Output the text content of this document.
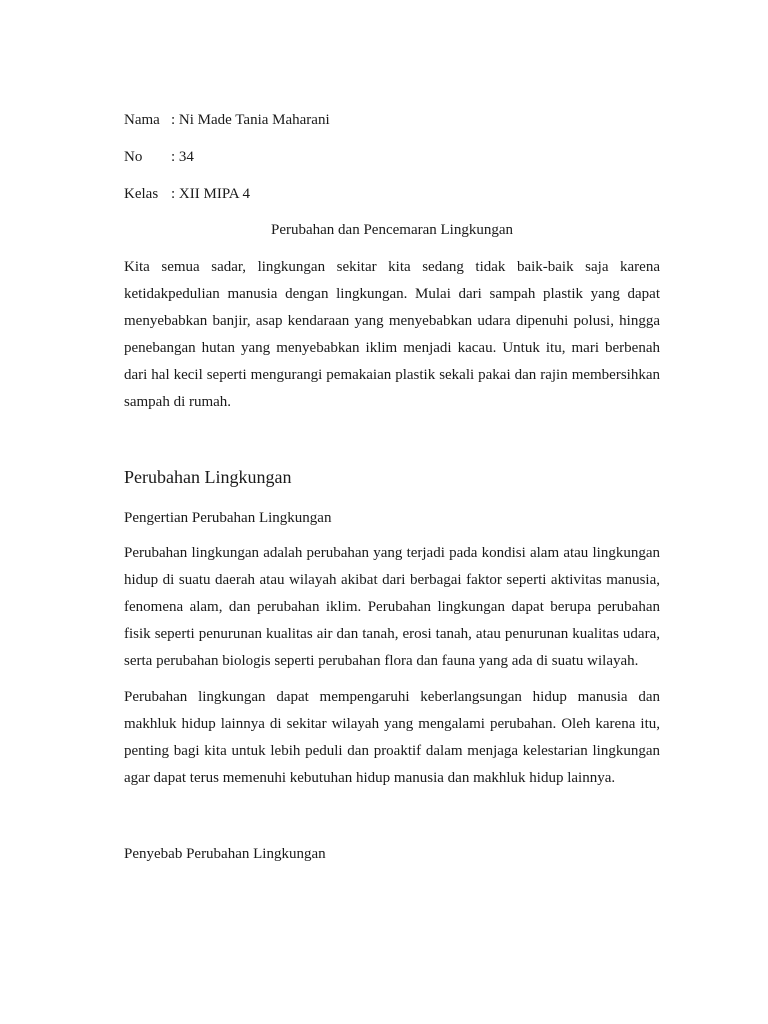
Nama : Ni Made Tania Maharani
No : 34
Kelas : XII MIPA 4
Perubahan dan Pencemaran Lingkungan

Kita semua sadar, lingkungan sekitar kita sedang tidak baik-baik saja karena ketidakpedulian manusia dengan lingkungan. Mulai dari sampah plastik yang dapat menyebabkan banjir, asap kendaraan yang menyebabkan udara dipenuhi polusi, hingga penebangan hutan yang menyebabkan iklim menjadi kacau. Untuk itu, mari berbenah dari hal kecil seperti mengurangi pemakaian plastik sekali pakai dan rajin membersihkan sampah di rumah.

Perubahan Lingkungan
Pengertian Perubahan Lingkungan

Perubahan lingkungan adalah perubahan yang terjadi pada kondisi alam atau lingkungan hidup di suatu daerah atau wilayah akibat dari berbagai faktor seperti aktivitas manusia, fenomena alam, dan perubahan iklim. Perubahan lingkungan dapat berupa perubahan fisik seperti penurunan kualitas air dan tanah, erosi tanah, atau penurunan kualitas udara, serta perubahan biologis seperti perubahan flora dan fauna yang ada di suatu wilayah.

Perubahan lingkungan dapat mempengaruhi keberlangsungan hidup manusia dan makhluk hidup lainnya di sekitar wilayah yang mengalami perubahan. Oleh karena itu, penting bagi kita untuk lebih peduli dan proaktif dalam menjaga kelestarian lingkungan agar dapat terus memenuhi kebutuhan hidup manusia dan makhluk hidup lainnya.

Penyebab Perubahan Lingkungan
